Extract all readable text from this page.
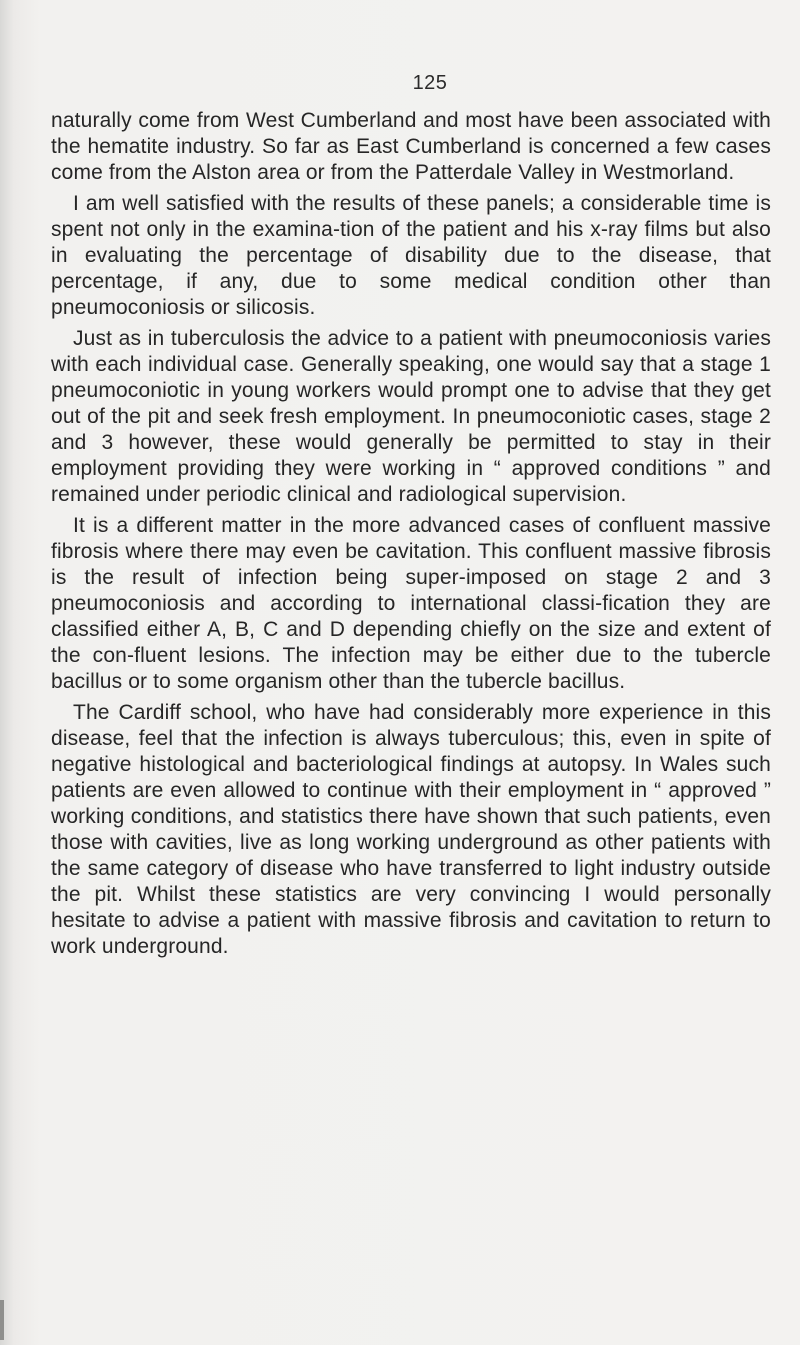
125

naturally come from West Cumberland and most have been associated with the hematite industry. So far as East Cumberland is concerned a few cases come from the Alston area or from the Patterdale Valley in Westmorland.

I am well satisfied with the results of these panels; a considerable time is spent not only in the examina-tion of the patient and his x-ray films but also in evaluating the percentage of disability due to the disease, that percentage, if any, due to some medical condition other than pneumoconiosis or silicosis.

Just as in tuberculosis the advice to a patient with pneumoconiosis varies with each individual case. Generally speaking, one would say that a stage 1 pneumoconiotic in young workers would prompt one to advise that they get out of the pit and seek fresh employment. In pneumoconiotic cases, stage 2 and 3 however, these would generally be permitted to stay in their employment providing they were working in “ approved conditions ” and remained under periodic clinical and radiological supervision.

It is a different matter in the more advanced cases of confluent massive fibrosis where there may even be cavitation. This confluent massive fibrosis is the result of infection being super-imposed on stage 2 and 3 pneumoconiosis and according to international classi-fication they are classified either A, B, C and D depending chiefly on the size and extent of the con-fluent lesions. The infection may be either due to the tubercle bacillus or to some organism other than the tubercle bacillus.

The Cardiff school, who have had considerably more experience in this disease, feel that the infection is always tuberculous; this, even in spite of negative histological and bacteriological findings at autopsy. In Wales such patients are even allowed to continue with their employment in “ approved ” working conditions, and statistics there have shown that such patients, even those with cavities, live as long working underground as other patients with the same category of disease who have transferred to light industry outside the pit. Whilst these statistics are very convincing I would personally hesitate to advise a patient with massive fibrosis and cavitation to return to work underground.
